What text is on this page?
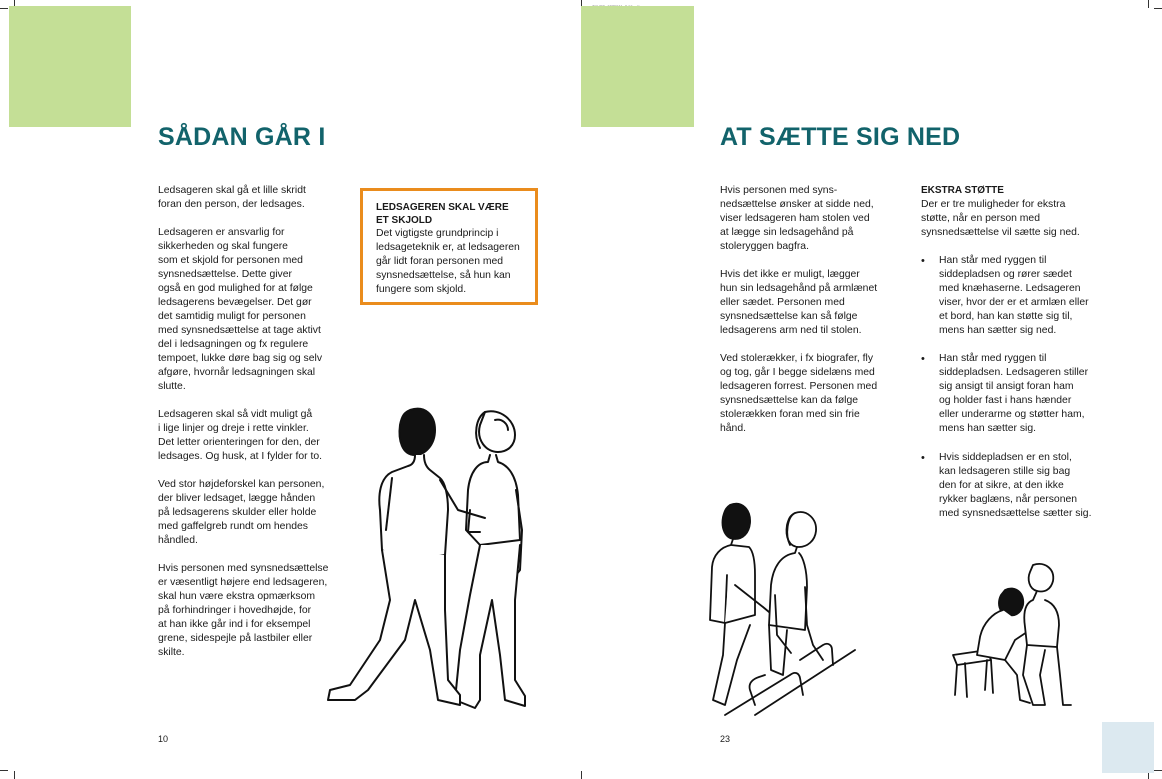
SÅDAN GÅR I
Ledsageren skal gå et lille skridt
foran den person, der ledsages.
Ledsageren er ansvarlig for
sikkerheden og skal fungere
som et skjold for personen med
synsnedsættelse. Dette giver
også en god mulighed for at følge
ledsagerens bevægelser. Det gør
det samtidig muligt for personen
med synsnedsættelse at tage aktivt
del i ledsagningen og fx regulere
tempoet, lukke døre bag sig og selv
afgøre, hvornår ledsagningen skal
slutte.
Ledsageren skal så vidt muligt gå
i lige linjer og dreje i rette vinkler.
Det letter orienteringen for den, der
ledsages. Og husk, at I fylder for to.
Ved stor højdeforskel kan personen,
der bliver ledsaget, lægge hånden
på ledsagerens skulder eller holde
med gaffelgreb rundt om hendes
håndled.
Hvis personen med synsnedsættelse
er væsentligt højere end ledsageren,
skal hun være ekstra opmærksom
på forhindringer i hovedhøjde, for
at han ikke går ind i for eksempel
grene, sidespejle på lastbiler eller
skilte.
LEDSAGEREN SKAL VÆRE
ET SKJOLD
Det vigtigste grundprincip i
ledsageteknik er, at ledsageren
går lidt foran personen med
synsnedsættelse, så hun kan
fungere som skjold.
10
AT SÆTTE SIG NED
Hvis personen med syns-
nedsættelse ønsker at sidde ned,
viser ledsageren ham stolen ved
at lægge sin ledsagehånd på
stoleryggen bagfra.
Hvis det ikke er muligt, lægger
hun sin ledsagehånd på armlænet
eller sædet. Personen med
synsnedsættelse kan så følge
ledsagerens arm ned til stolen.
Ved stolerækker, i fx biografer, fly
og tog, går I begge sidelæns med
ledsageren forrest. Personen med
synsnedsættelse kan da følge
stolerækken foran med sin frie
hånd.
EKSTRA STØTTE
Der er tre muligheder for ekstra
støtte, når en person med
synsnedsættelse vil sætte sig ned.
• Han står med ryggen til
siddepladsen og rører sædet
med knæhaserne. Ledsageren
viser, hvor der er et armlæn eller
et bord, han kan støtte sig til,
mens han sætter sig ned.
• Han står med ryggen til
siddepladsen. Ledsageren stiller
sig ansigt til ansigt foran ham
og holder fast i hans hænder
eller underarme og støtter ham,
mens han sætter sig.
• Hvis siddepladsen er en stol,
kan ledsageren stille sig bag
den for at sikre, at den ikke
rykker baglæns, når personen
med synsnedsættelse sætter sig.
23
